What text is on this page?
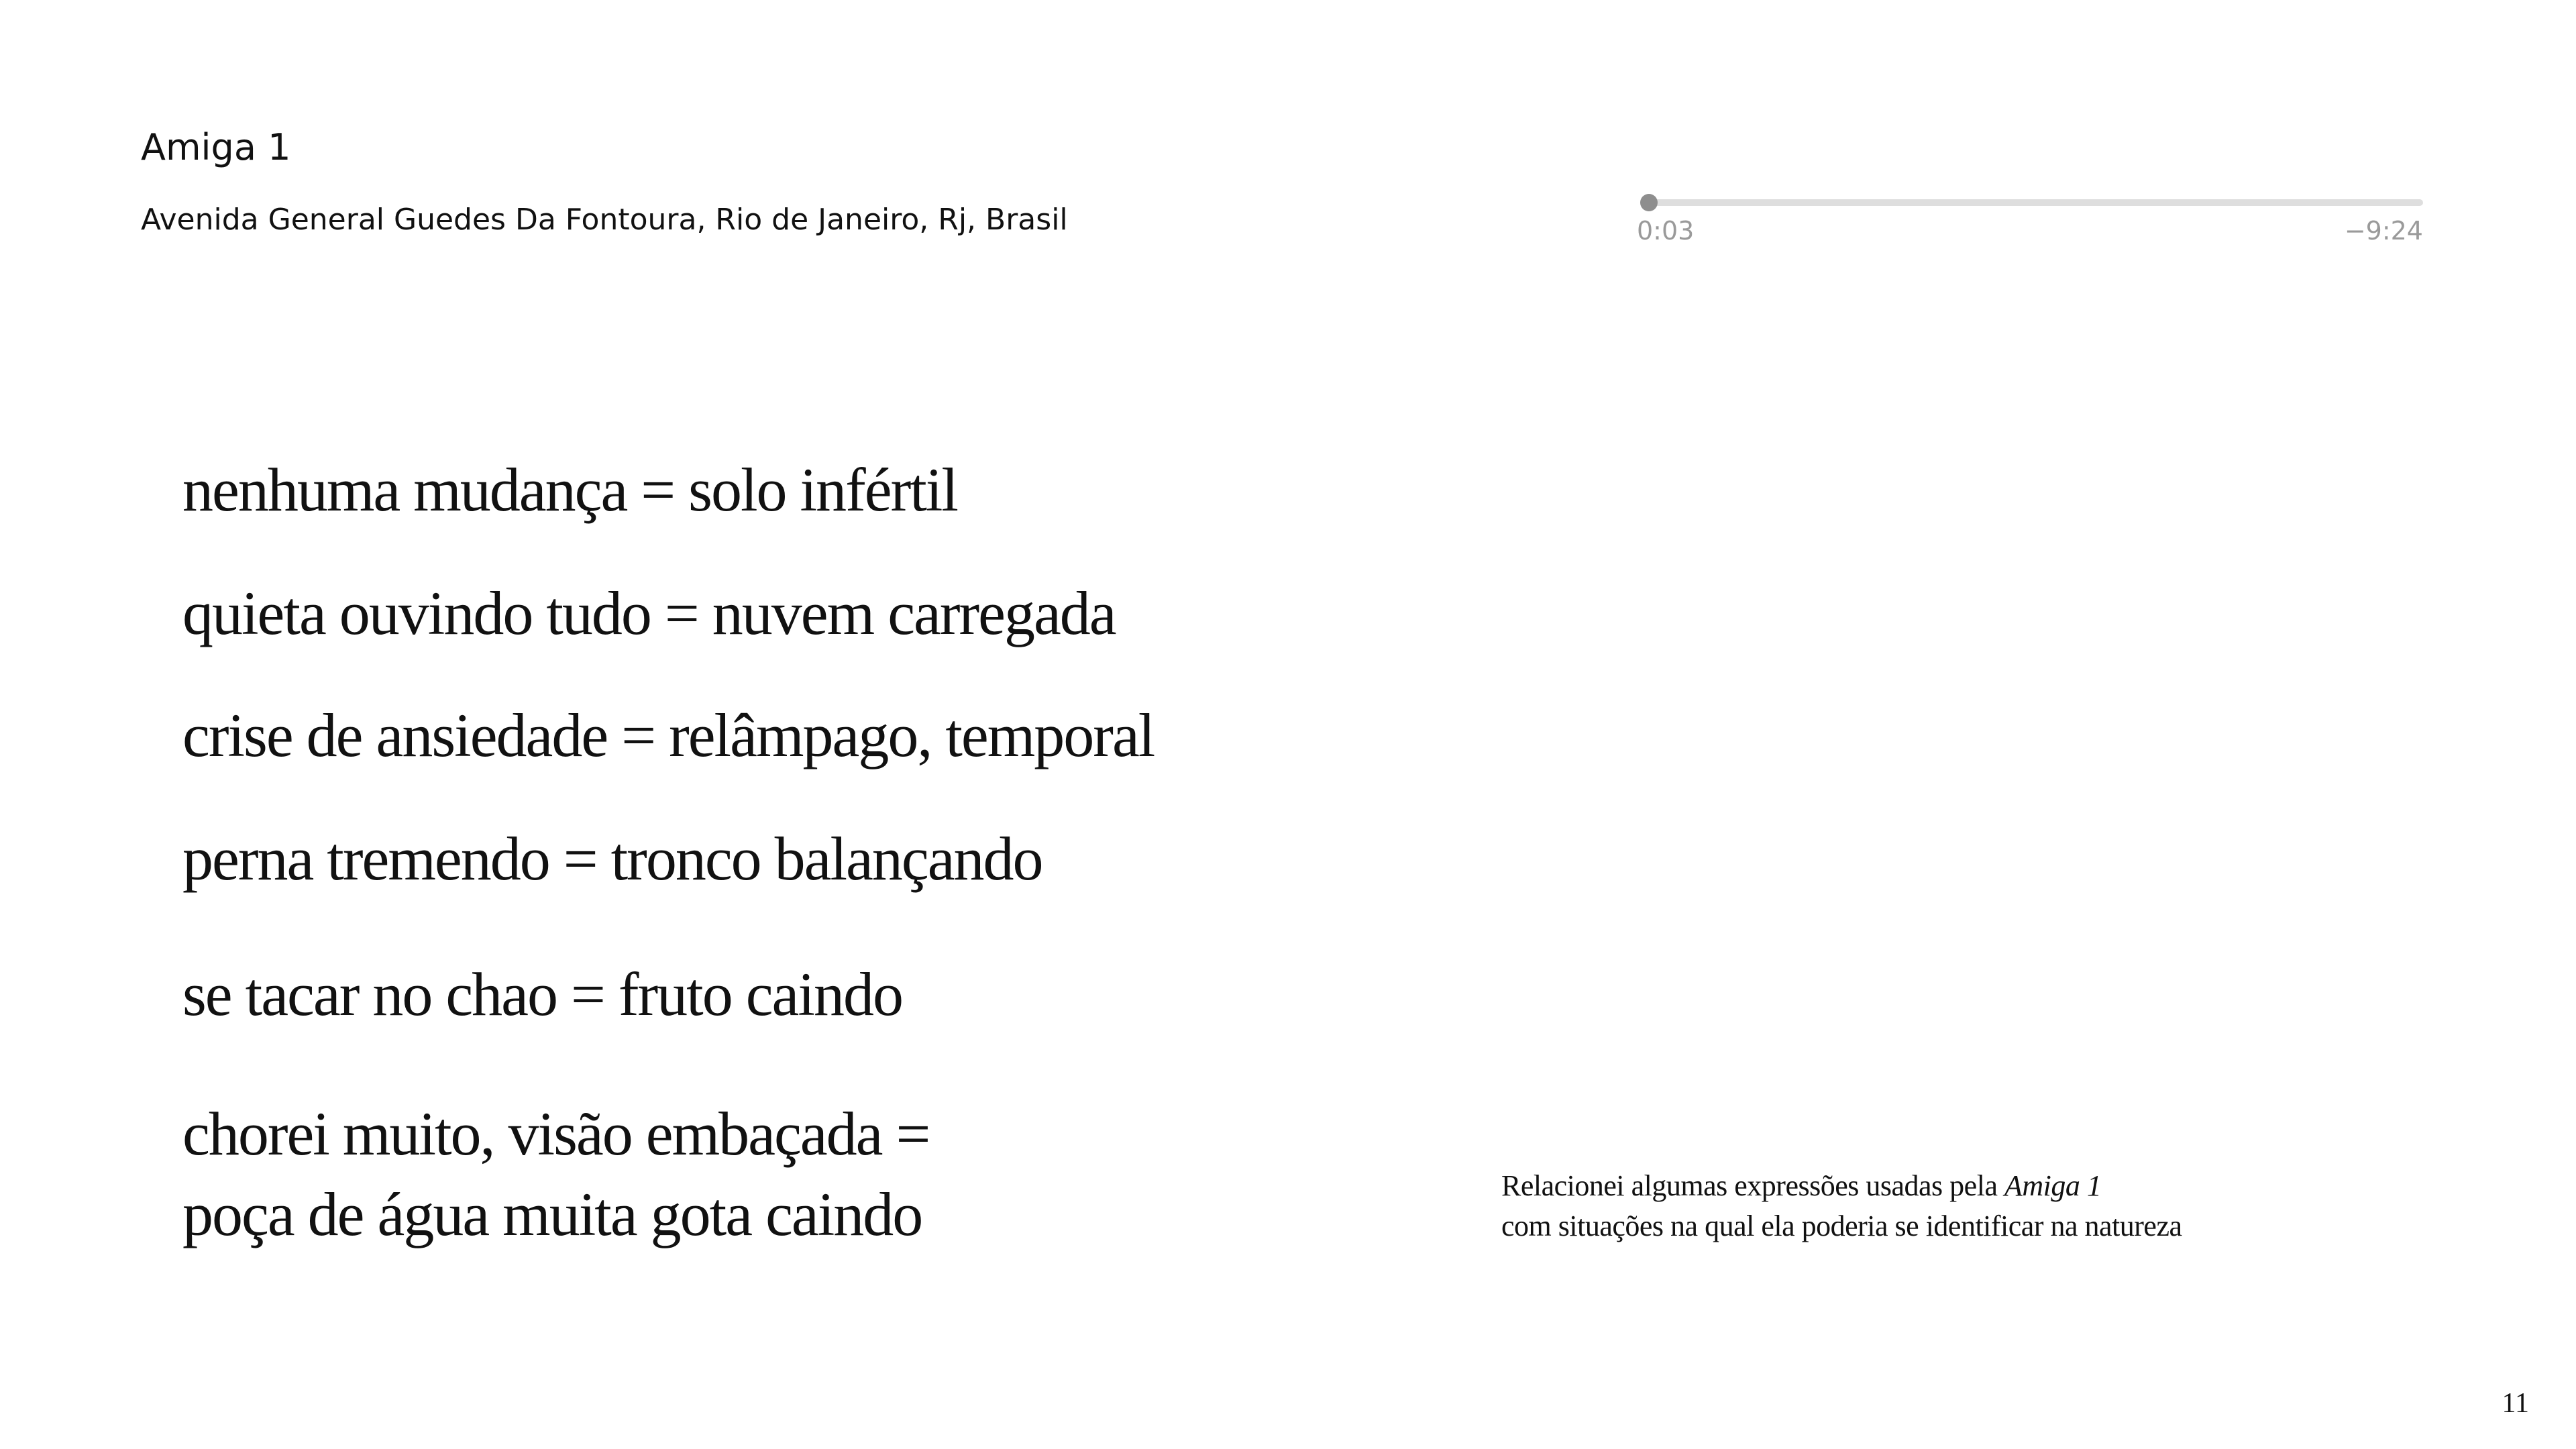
Amiga 1
Avenida General Guedes Da Fontoura, Rio de Janeiro, Rj, Brasil	0:03	−9:24
nenhuma mudança = solo infértil
quieta ouvindo tudo = nuvem carregada
crise de ansiedade = relâmpago, temporal
perna tremendo = tronco balançando
se tacar no chao = fruto caindo
chorei muito, visão embaçada =
poça de água muita gota caindo	Relacionei algumas expressões usadas pela Amiga 1
com situações na qual ela poderia se identificar na natureza
11
